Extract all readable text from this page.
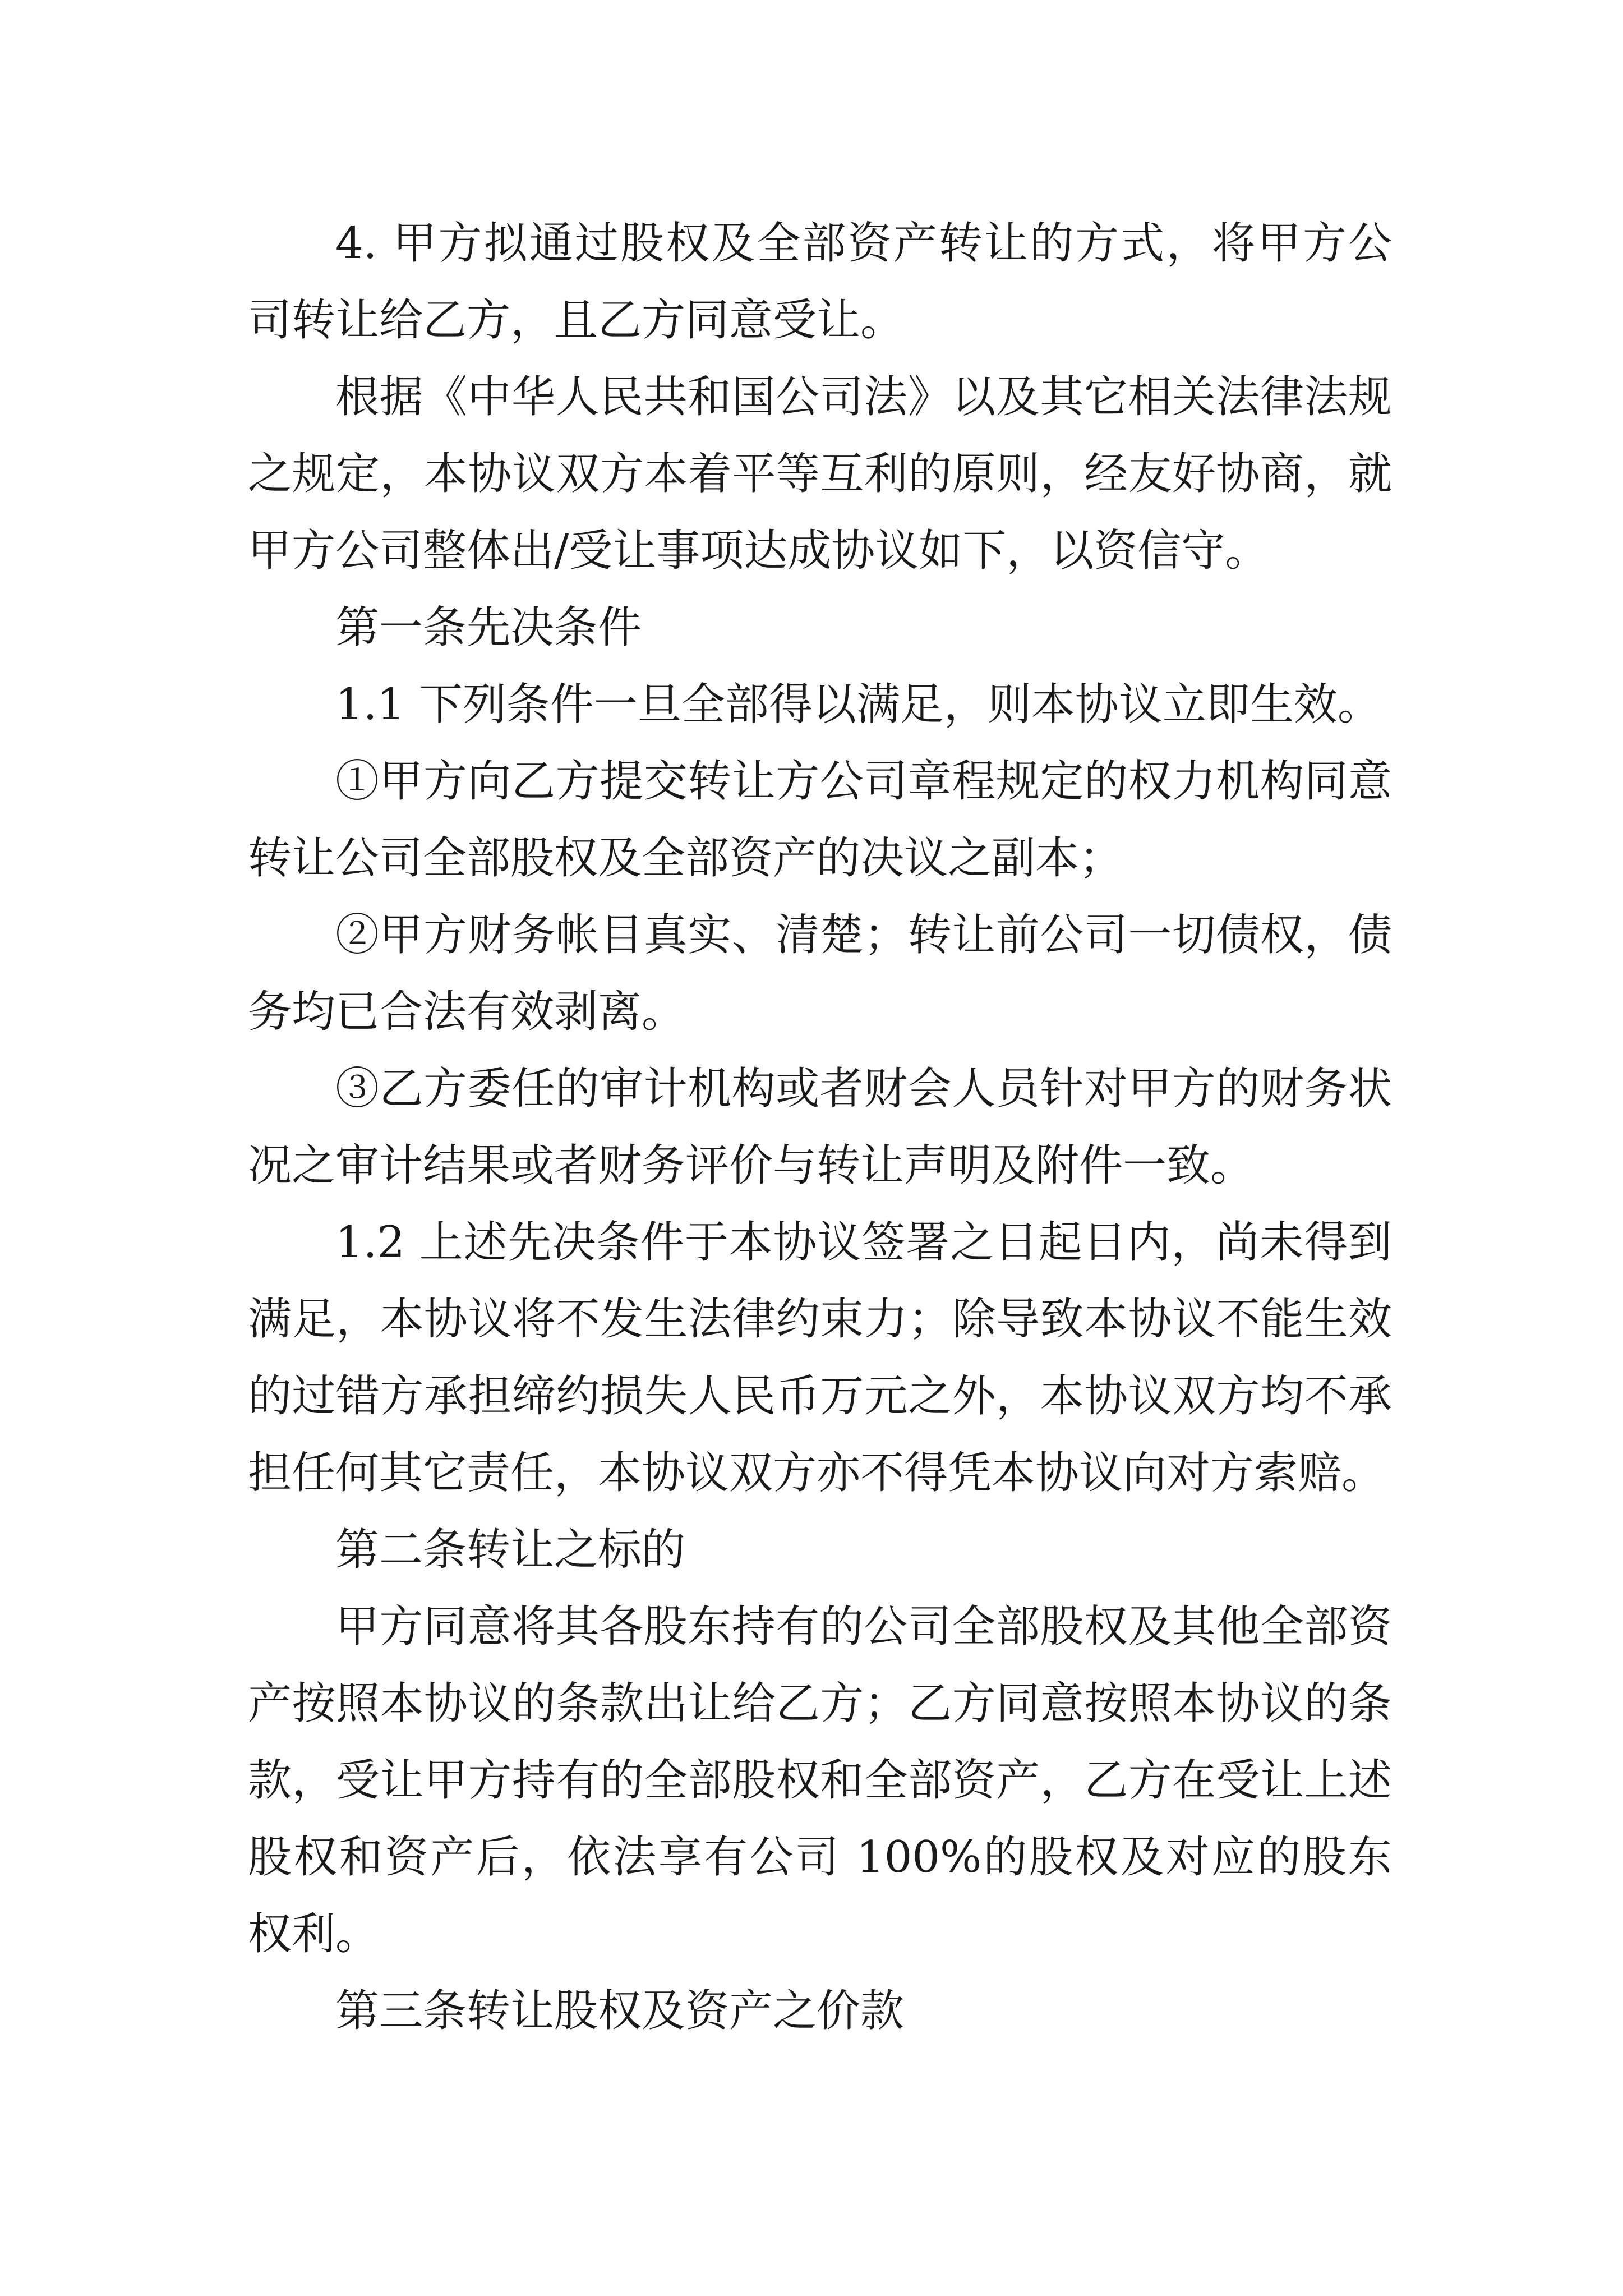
4. 甲方拟通过股权及全部资产转让的方式，将甲方公司转让给乙方，且乙方同意受让。

根据《中华人民共和国公司法》以及其它相关法律法规之规定，本协议双方本着平等互利的原则，经友好协商，就甲方公司整体出/受让事项达成协议如下，以资信守。

第一条先决条件

1.1 下列条件一旦全部得以满足，则本协议立即生效。

①甲方向乙方提交转让方公司章程规定的权力机构同意转让公司全部股权及全部资产的决议之副本；

②甲方财务帐目真实、清楚；转让前公司一切债权，债务均已合法有效剥离。

③乙方委任的审计机构或者财会人员针对甲方的财务状况之审计结果或者财务评价与转让声明及附件一致。

1.2 上述先决条件于本协议签署之日起日内，尚未得到满足，本协议将不发生法律约束力；除导致本协议不能生效的过错方承担缔约损失人民币万元之外，本协议双方均不承担任何其它责任，本协议双方亦不得凭本协议向对方索赔。

第二条转让之标的

甲方同意将其各股东持有的公司全部股权及其他全部资产按照本协议的条款出让给乙方；乙方同意按照本协议的条款，受让甲方持有的全部股权和全部资产，乙方在受让上述股权和资产后，依法享有公司 100%的股权及对应的股东权利。

第三条转让股权及资产之价款
